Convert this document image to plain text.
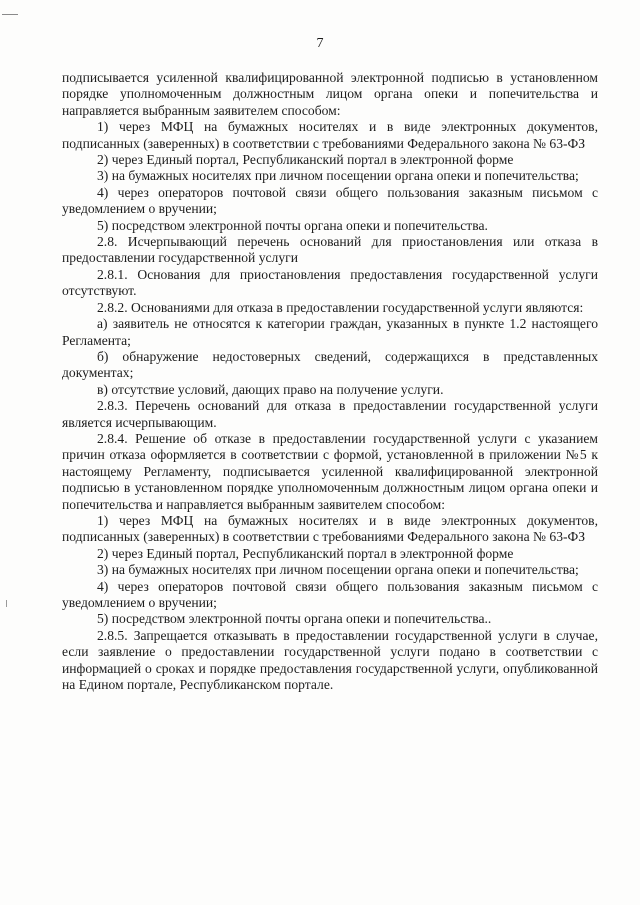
7

подписывается усиленной квалифицированной электронной подписью в установленном порядке уполномоченным должностным лицом органа опеки и попечительства и направляется выбранным заявителем способом:

1) через МФЦ на бумажных носителях и в виде электронных документов, подписанных (заверенных) в соответствии с требованиями Федерального закона № 63-ФЗ

2) через Единый портал, Республиканский портал в электронной форме

3) на бумажных носителях при личном посещении органа опеки и попечительства;

4) через операторов почтовой связи общего пользования заказным письмом с уведомлением о вручении;

5) посредством электронной почты органа опеки и попечительства.

2.8. Исчерпывающий перечень оснований для приостановления или отказа в предоставлении государственной услуги

2.8.1. Основания для приостановления предоставления государственной услуги отсутствуют.

2.8.2. Основаниями для отказа в предоставлении государственной услуги являются:

а) заявитель не относятся к категории граждан, указанных в пункте 1.2 настоящего Регламента;

б) обнаружение недостоверных сведений, содержащихся в представленных документах;

в) отсутствие условий, дающих право на получение услуги.

2.8.3. Перечень оснований для отказа в предоставлении государственной услуги является исчерпывающим.

2.8.4. Решение об отказе в предоставлении государственной услуги с указанием причин отказа оформляется в соответствии с формой, установленной в приложении №5 к настоящему Регламенту, подписывается усиленной квалифицированной электронной подписью в установленном порядке уполномоченным должностным лицом органа опеки и попечительства и направляется выбранным заявителем способом:

1) через МФЦ на бумажных носителях и в виде электронных документов, подписанных (заверенных) в соответствии с требованиями Федерального закона № 63-ФЗ

2) через Единый портал, Республиканский портал в электронной форме

3) на бумажных носителях при личном посещении органа опеки и попечительства;

4) через операторов почтовой связи общего пользования заказным письмом с уведомлением о вручении;

5) посредством электронной почты органа опеки и попечительства..

2.8.5. Запрещается отказывать в предоставлении государственной услуги в случае, если заявление о предоставлении государственной услуги подано в соответствии с информацией о сроках и порядке предоставления государственной услуги, опубликованной на Едином портале, Республиканском портале.
